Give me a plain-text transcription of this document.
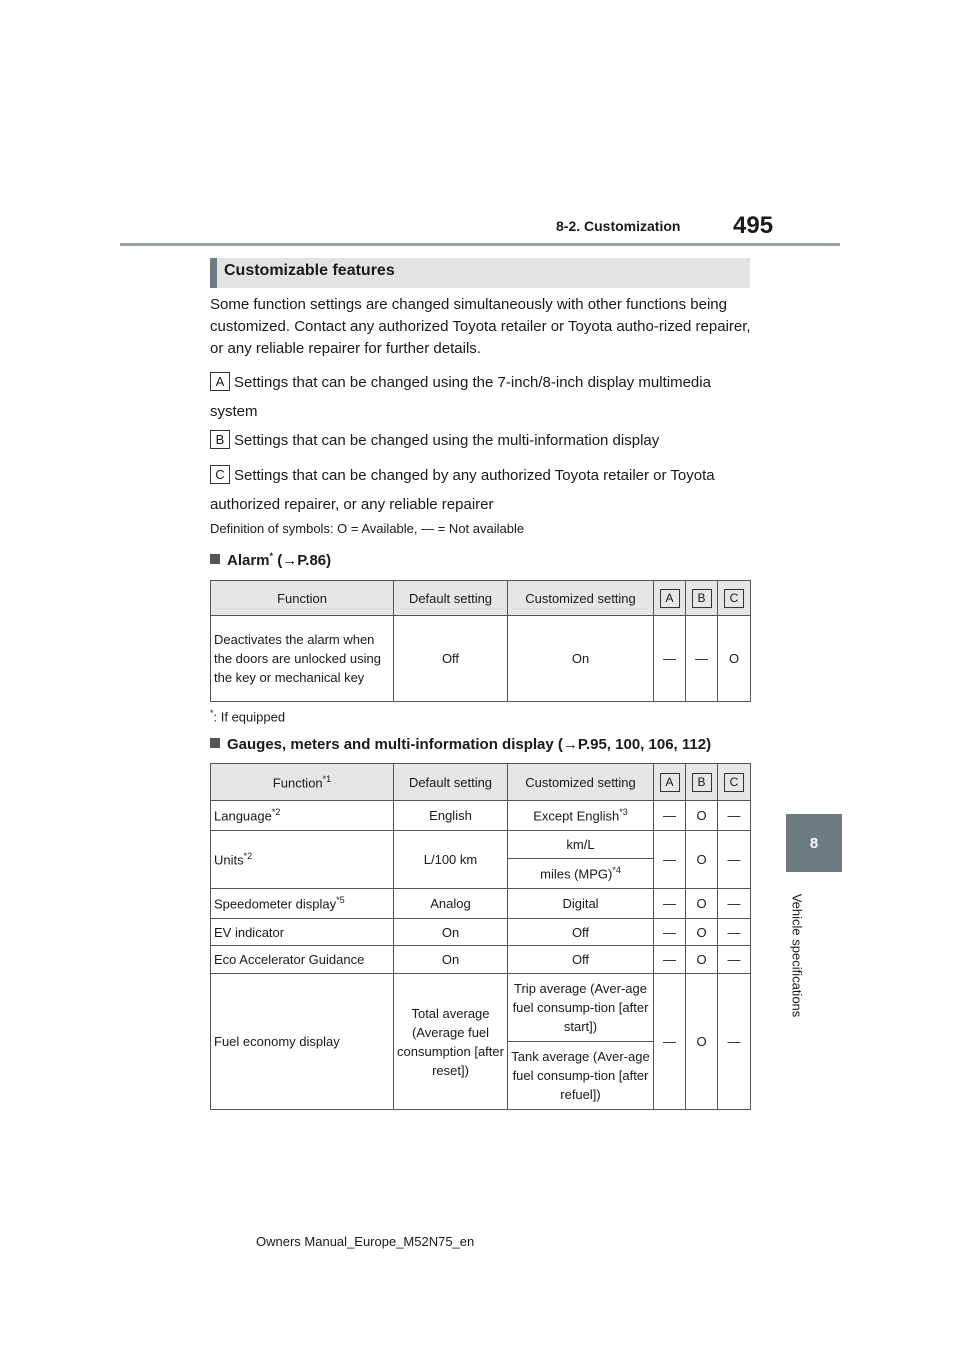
8-2. Customization 495
8
Vehicle specifications
Customizable features
Some function settings are changed simultaneously with other functions being customized. Contact any authorized Toyota retailer or Toyota autho-rized repairer, or any reliable repairer for further details.
A Settings that can be changed using the 7-inch/8-inch display multimedia system
B Settings that can be changed using the multi-information display
C Settings that can be changed by any authorized Toyota retailer or Toyota authorized repairer, or any reliable repairer
Definition of symbols: O = Available, — = Not available
Alarm* (→P.86)
Function	Default setting	Customized setting	A	B	C
Deactivates the alarm when the doors are unlocked using the key or mechanical key	Off	On	—	—	O
*: If equipped
Gauges, meters and multi-information display (→P.95, 100, 106, 112)
Function$^{*1}$	Default setting	Customized setting	A	B	C
Language$^{*2}$	English	Except English$^{*3}$	—	O	—
Units$^{*2}$	L/100 km	km/L	—	O	—
		miles (MPG)$^{*4}$
Speedometer display$^{*5}$	Analog	Digital	—	O	—
EV indicator	On	Off	—	O	—
Eco Accelerator Guidance	On	Off	—	O	—
Fuel economy display	Total average (Average fuel consumption [after reset])	Trip average (Aver-age fuel consump-tion [after start])	—	O	—
		Tank average (Aver-age fuel consump-tion [after refuel])			
Owners Manual_Europe_M52N75_en
